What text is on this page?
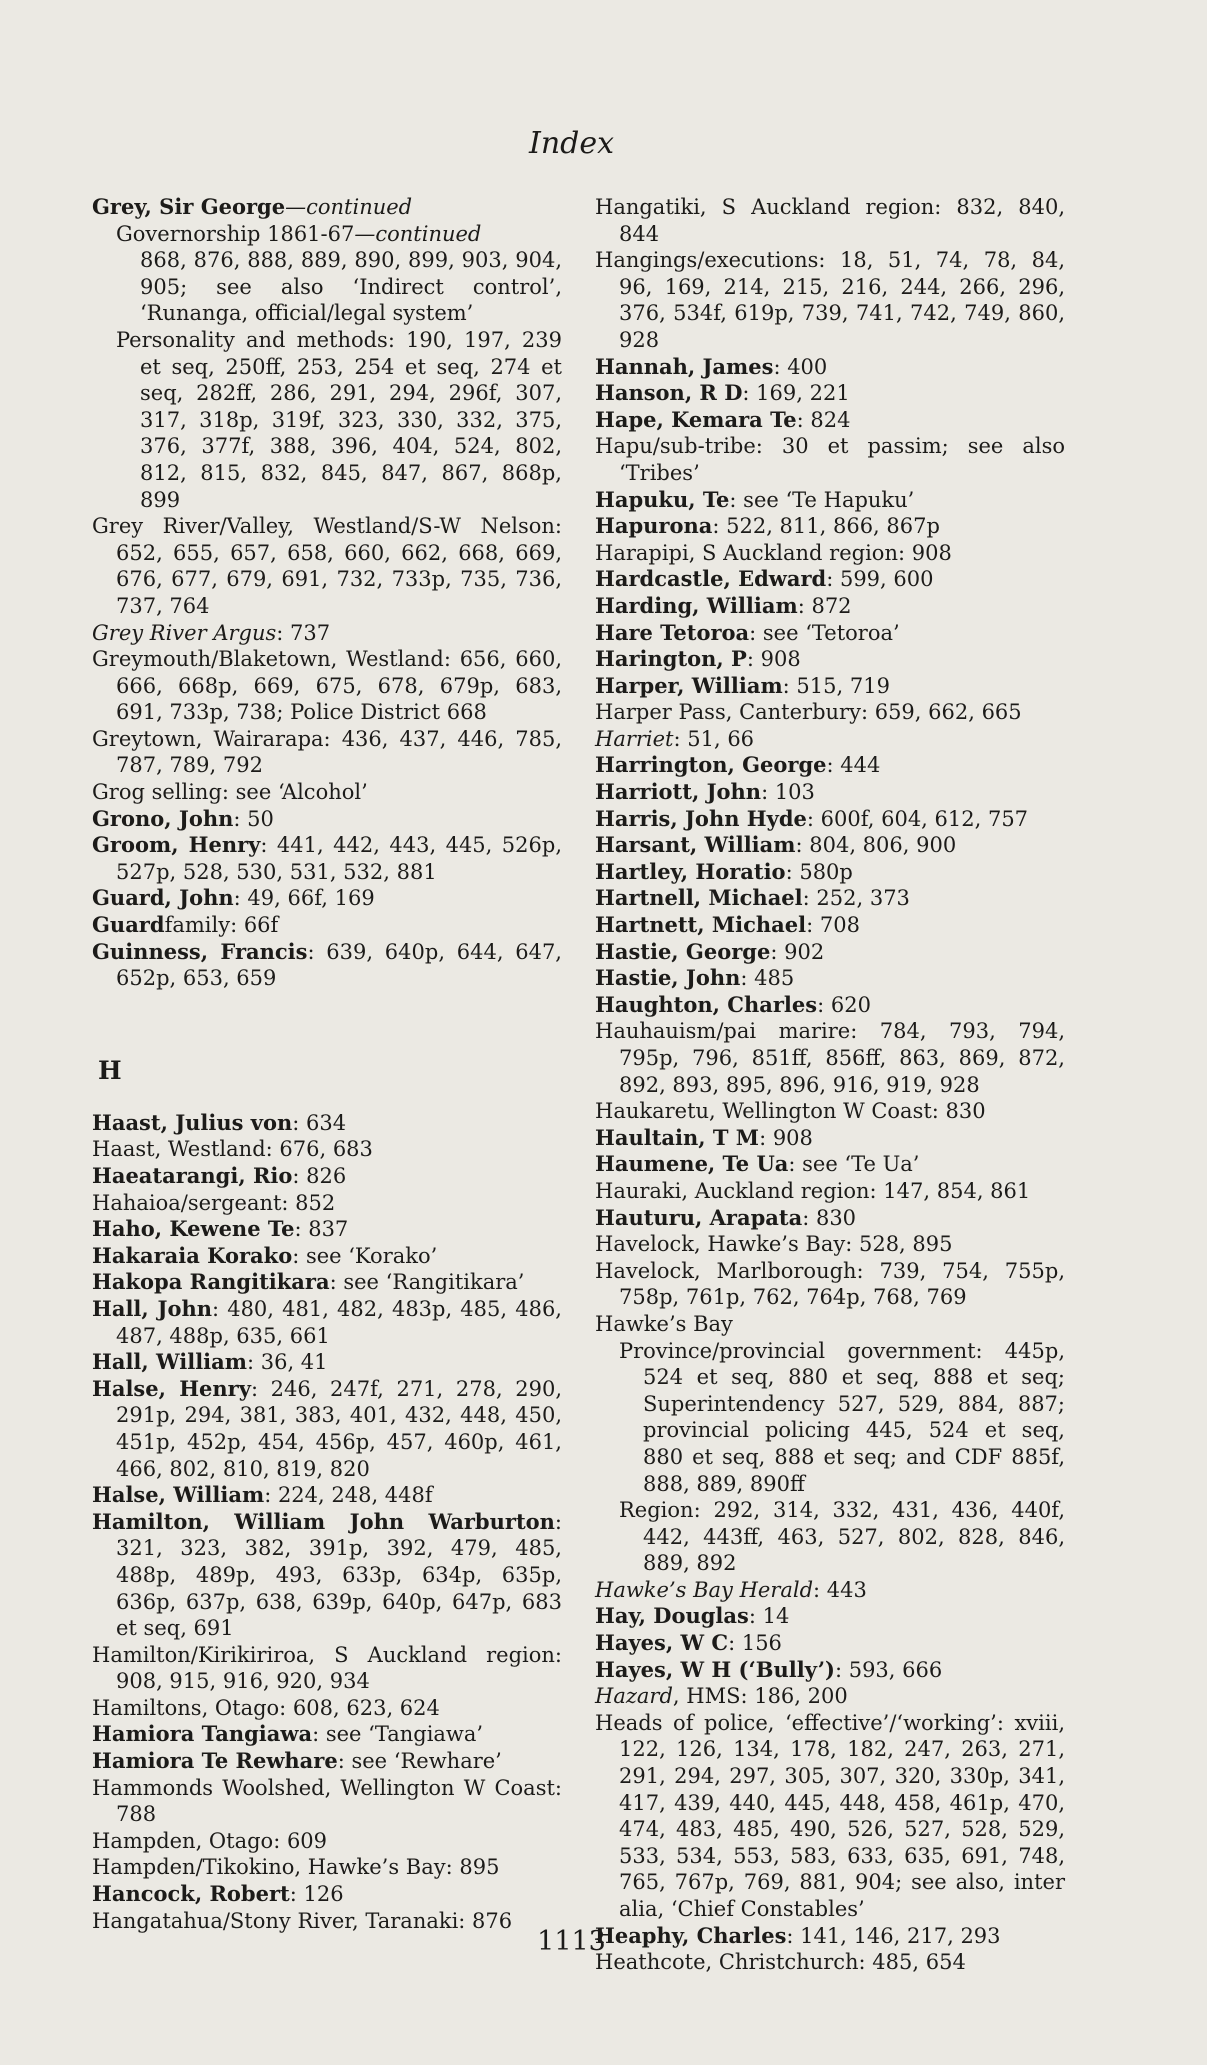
Index

Grey, Sir George—continued

Governorship 1861-67—continued

868, 876, 888, 889, 890, 899, 903, 904, 905; see also ‘Indirect control’, ‘Runanga, official/legal system’

Personality and methods: 190, 197, 239 et seq, 250ff, 253, 254 et seq, 274 et seq, 282ff, 286, 291, 294, 296f, 307, 317, 318p, 319f, 323, 330, 332, 375, 376, 377f, 388, 396, 404, 524, 802, 812, 815, 832, 845, 847, 867, 868p, 899

Grey River/Valley, Westland/S-W Nelson: 652, 655, 657, 658, 660, 662, 668, 669, 676, 677, 679, 691, 732, 733p, 735, 736, 737, 764

Grey River Argus: 737

Greymouth/Blaketown, Westland: 656, 660, 666, 668p, 669, 675, 678, 679p, 683, 691, 733p, 738; Police District 668

Greytown, Wairarapa: 436, 437, 446, 785, 787, 789, 792

Grog selling: see ‘Alcohol’

Grono, John: 50

Groom, Henry: 441, 442, 443, 445, 526p, 527p, 528, 530, 531, 532, 881

Guard, John: 49, 66f, 169

Guardfamily: 66f

Guinness, Francis: 639, 640p, 644, 647, 652p, 653, 659

H

Haast, Julius von: 634

Haast, Westland: 676, 683

Haeatarangi, Rio: 826

Hahaioa/sergeant: 852

Haho, Kewene Te: 837

Hakaraia Korako: see ‘Korako’

Hakopa Rangitikara: see ‘Rangitikara’

Hall, John: 480, 481, 482, 483p, 485, 486, 487, 488p, 635, 661

Hall, William: 36, 41

Halse, Henry: 246, 247f, 271, 278, 290, 291p, 294, 381, 383, 401, 432, 448, 450, 451p, 452p, 454, 456p, 457, 460p, 461, 466, 802, 810, 819, 820

Halse, William: 224, 248, 448f

Hamilton, William John Warburton: 321, 323, 382, 391p, 392, 479, 485, 488p, 489p, 493, 633p, 634p, 635p, 636p, 637p, 638, 639p, 640p, 647p, 683 et seq, 691

Hamilton/Kirikiriroa, S Auckland region: 908, 915, 916, 920, 934

Hamiltons, Otago: 608, 623, 624

Hamiora Tangiawa: see ‘Tangiawa’

Hamiora Te Rewhare: see ‘Rewhare’

Hammonds Woolshed, Wellington W Coast: 788

Hampden, Otago: 609

Hampden/Tikokino, Hawke’s Bay: 895

Hancock, Robert: 126

Hangatahua/Stony River, Taranaki: 876

Hangatiki, S Auckland region: 832, 840, 844

Hangings/executions: 18, 51, 74, 78, 84, 96, 169, 214, 215, 216, 244, 266, 296, 376, 534f, 619p, 739, 741, 742, 749, 860, 928

Hannah, James: 400

Hanson, R D: 169, 221

Hape, Kemara Te: 824

Hapu/sub-tribe: 30 et passim; see also ‘Tribes’

Hapuku, Te: see ‘Te Hapuku’

Hapurona: 522, 811, 866, 867p

Harapipi, S Auckland region: 908

Hardcastle, Edward: 599, 600

Harding, William: 872

Hare Tetoroa: see ‘Tetoroa’

Harington, P: 908

Harper, William: 515, 719

Harper Pass, Canterbury: 659, 662, 665

Harriet: 51, 66

Harrington, George: 444

Harriott, John: 103

Harris, John Hyde: 600f, 604, 612, 757

Harsant, William: 804, 806, 900

Hartley, Horatio: 580p

Hartnell, Michael: 252, 373

Hartnett, Michael: 708

Hastie, George: 902

Hastie, John: 485

Haughton, Charles: 620

Hauhauism/pai marire: 784, 793, 794, 795p, 796, 851ff, 856ff, 863, 869, 872, 892, 893, 895, 896, 916, 919, 928

Haukaretu, Wellington W Coast: 830

Haultain, T M: 908

Haumene, Te Ua: see ‘Te Ua’

Hauraki, Auckland region: 147, 854, 861

Hauturu, Arapata: 830

Havelock, Hawke’s Bay: 528, 895

Havelock, Marlborough: 739, 754, 755p, 758p, 761p, 762, 764p, 768, 769

Hawke’s Bay

Province/provincial government: 445p, 524 et seq, 880 et seq, 888 et seq; Superintendency 527, 529, 884, 887; provincial policing 445, 524 et seq, 880 et seq, 888 et seq; and CDF 885f, 888, 889, 890ff

Region: 292, 314, 332, 431, 436, 440f, 442, 443ff, 463, 527, 802, 828, 846, 889, 892

Hawke’s Bay Herald: 443

Hay, Douglas: 14

Hayes, W C: 156

Hayes, W H (‘Bully’): 593, 666

Hazard, HMS: 186, 200

Heads of police, ‘effective’/‘working’: xviii, 122, 126, 134, 178, 182, 247, 263, 271, 291, 294, 297, 305, 307, 320, 330p, 341, 417, 439, 440, 445, 448, 458, 461p, 470, 474, 483, 485, 490, 526, 527, 528, 529, 533, 534, 553, 583, 633, 635, 691, 748, 765, 767p, 769, 881, 904; see also, inter alia, ‘Chief Constables’

Heaphy, Charles: 141, 146, 217, 293

Heathcote, Christchurch: 485, 654

1113
